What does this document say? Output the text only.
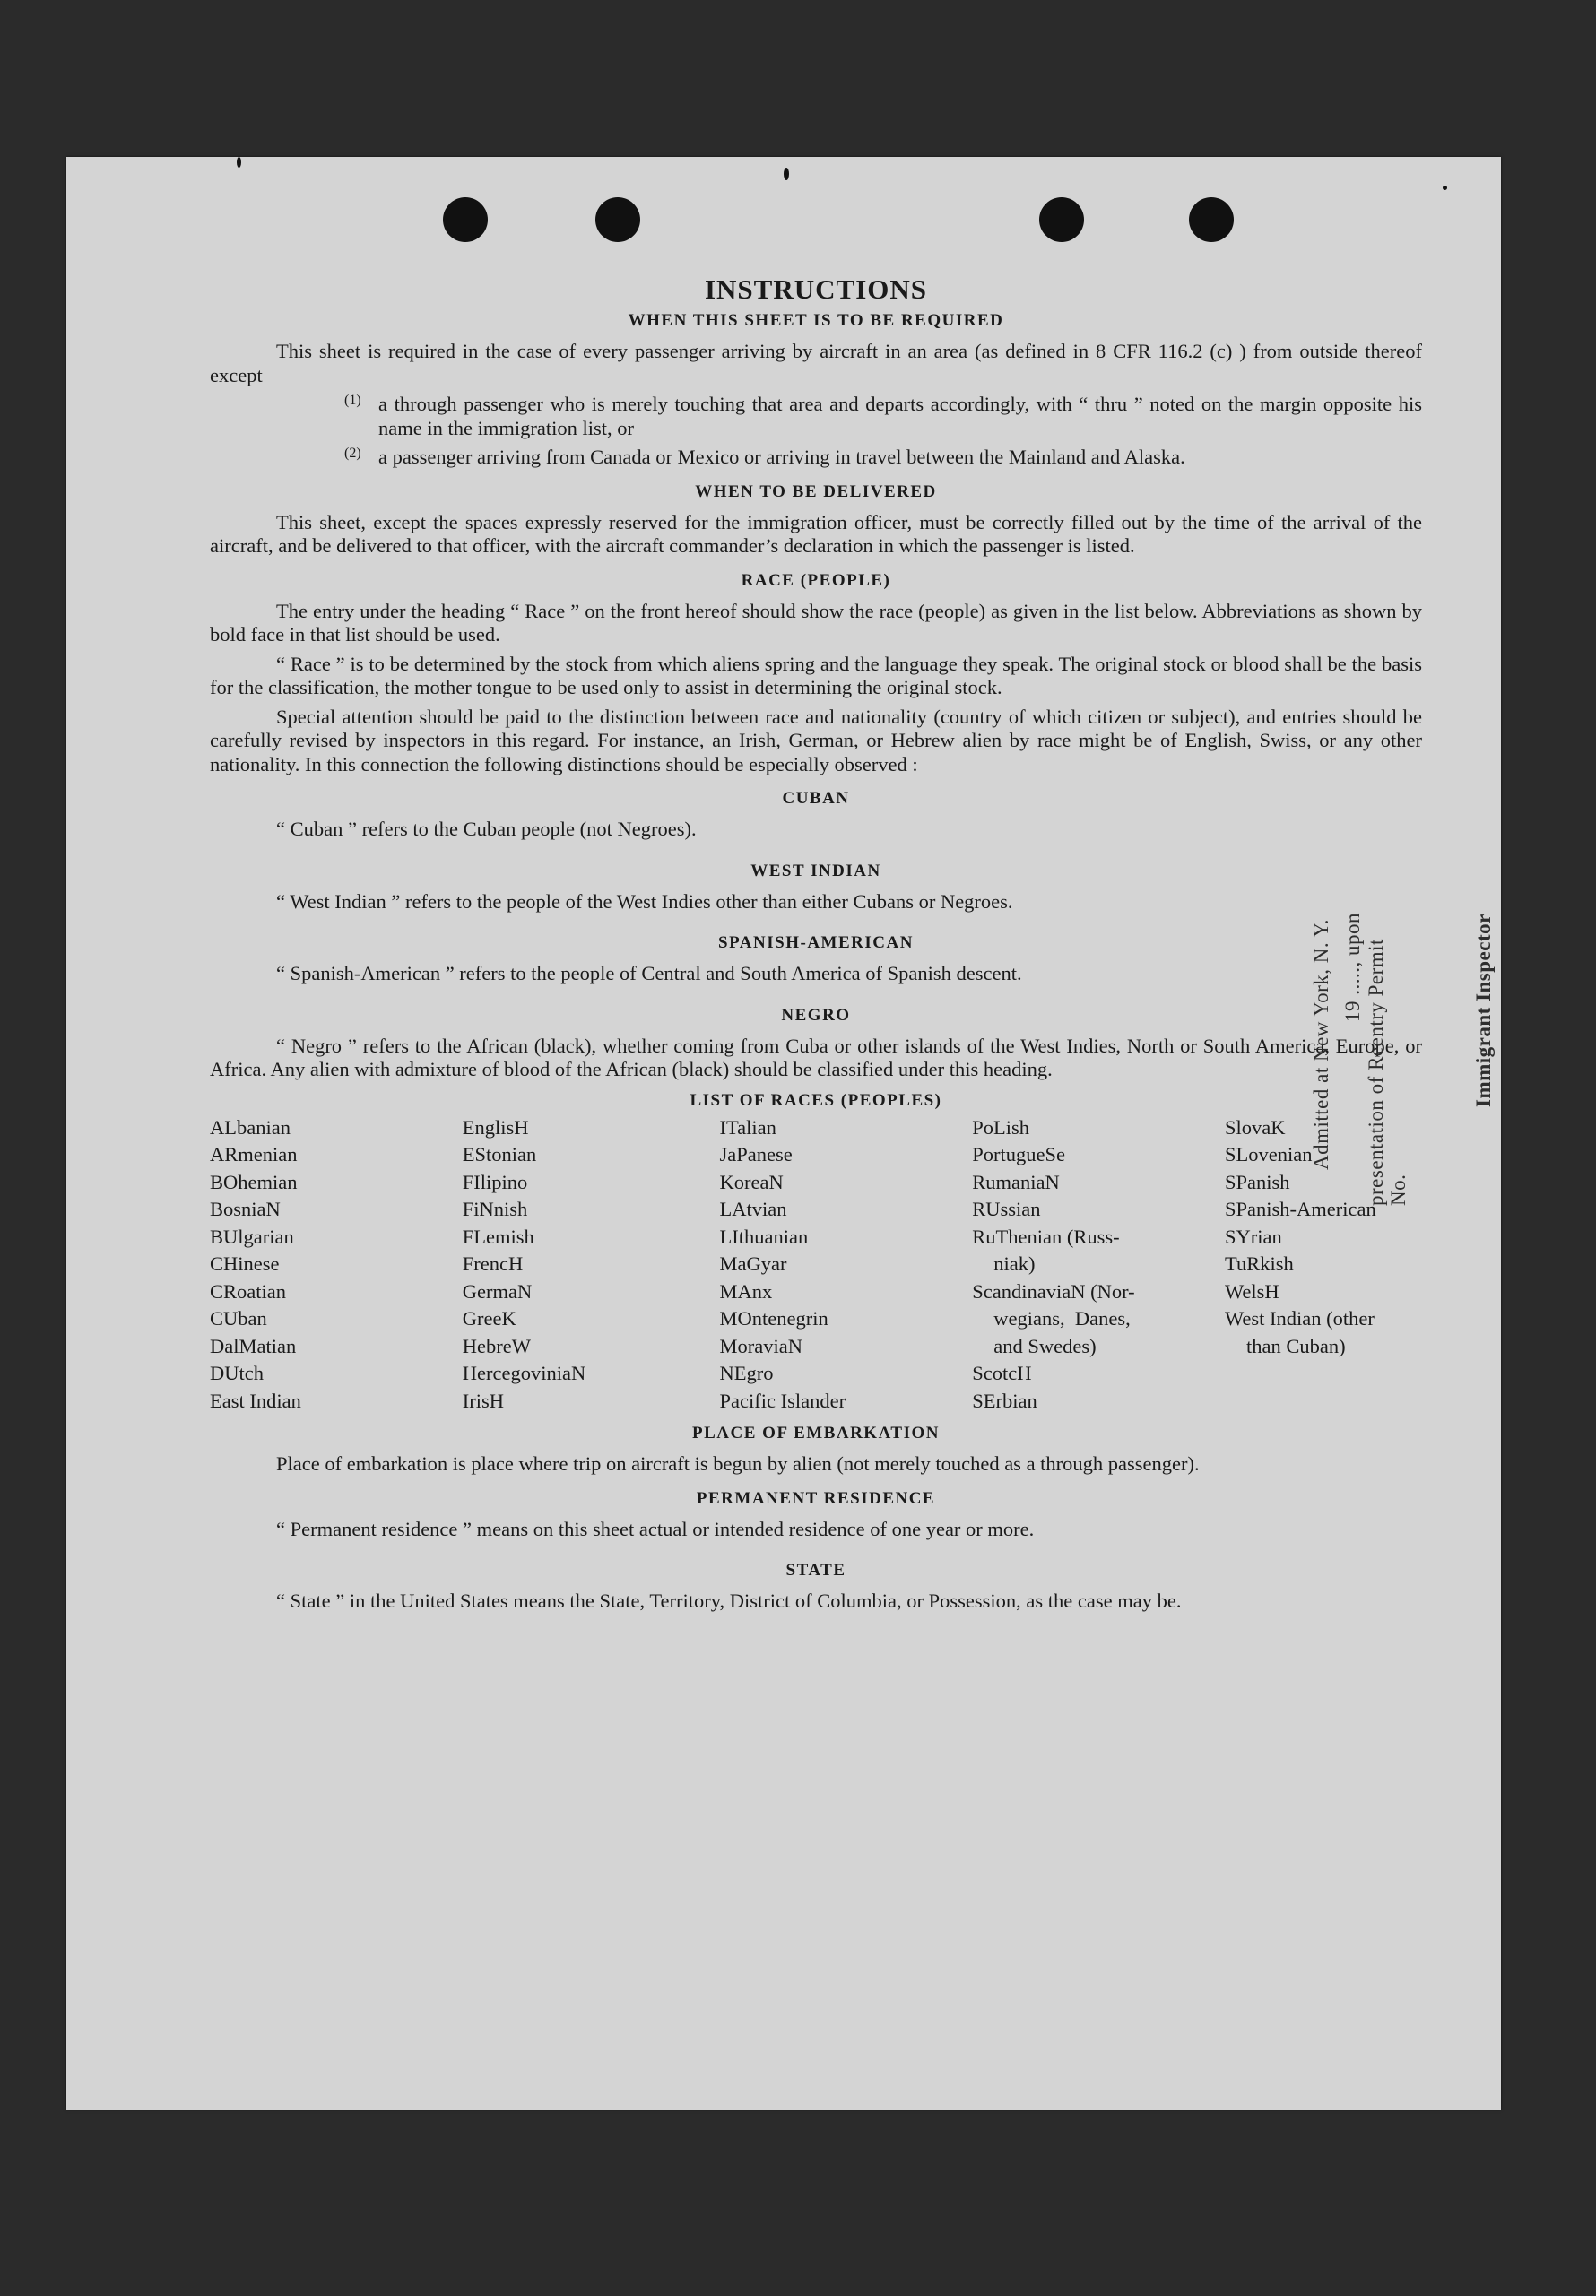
INSTRUCTIONS
WHEN THIS SHEET IS TO BE REQUIRED

This sheet is required in the case of every passenger arriving by aircraft in an area (as defined in 8 CFR 116.2 (c) ) from outside thereof except

(1) a through passenger who is merely touching that area and departs accordingly, with “ thru ” noted on the margin opposite his name in the immigration list, or

(2) a passenger arriving from Canada or Mexico or arriving in travel between the Mainland and Alaska.

WHEN TO BE DELIVERED

This sheet, except the spaces expressly reserved for the immigration officer, must be correctly filled out by the time of the arrival of the aircraft, and be delivered to that officer, with the aircraft commander’s declaration in which the passenger is listed.

RACE (PEOPLE)

The entry under the heading “ Race ” on the front hereof should show the race (people) as given in the list below. Abbreviations as shown by bold face in that list should be used.

“ Race ” is to be determined by the stock from which aliens spring and the language they speak. The original stock or blood shall be the basis for the classification, the mother tongue to be used only to assist in determining the original stock.

Special attention should be paid to the distinction between race and nationality (country of which citizen or subject), and entries should be carefully revised by inspectors in this regard. For instance, an Irish, German, or Hebrew alien by race might be of English, Swiss, or any other nationality. In this connection the following distinctions should be especially observed :

CUBAN

“ Cuban ” refers to the Cuban people (not Negroes).

WEST INDIAN

“ West Indian ” refers to the people of the West Indies other than either Cubans or Negroes.

SPANISH-AMERICAN

“ Spanish-American ” refers to the people of Central and South America of Spanish descent.

NEGRO

“ Negro ” refers to the African (black), whether coming from Cuba or other islands of the West Indies, North or South America, Europe, or Africa. Any alien with admixture of blood of the African (black) should be classified under this heading.

LIST OF RACES (PEOPLES)
ALbanian
ARmenian
BOhemian
BosniaN
BUlgarian
CHinese
CRoatian
CUban
DalMatian
DUtch
East Indian
EnglisH
EStonian
FIlipino
FiNnish
FLemish
FrencH
GermaN
GreeK
HebreW
HercegoviniaN
IrisH
ITalian
JaPanese
KoreaN
LAtvian
LIthuanian
MaGyar
MAnx
MOntenegrin
MoraviaN
NEgro
Pacific Islander
PoLish
PortugueSe
RumaniaN
RUssian
RuThenian (Russ-
niak)
ScandinaviaN (Nor-
wegians,  Danes,
and Swedes)
ScotcH
SErbian
SlovaK
SLovenian
SPanish
SPanish-American
SYrian
TuRkish
WelsH
West Indian (other
than Cuban)
PLACE OF EMBARKATION

Place of embarkation is place where trip on aircraft is begun by alien (not merely touched as a through passenger).

PERMANENT RESIDENCE

“ Permanent residence ” means on this sheet actual or intended residence of one year or more.

STATE

“ State ” in the United States means the State, Territory, District of Columbia, or Possession, as the case may be.

Admitted at New York, N. Y. 19 ....., upon presentation of Reentry Permit No.
Immigrant Inspector
